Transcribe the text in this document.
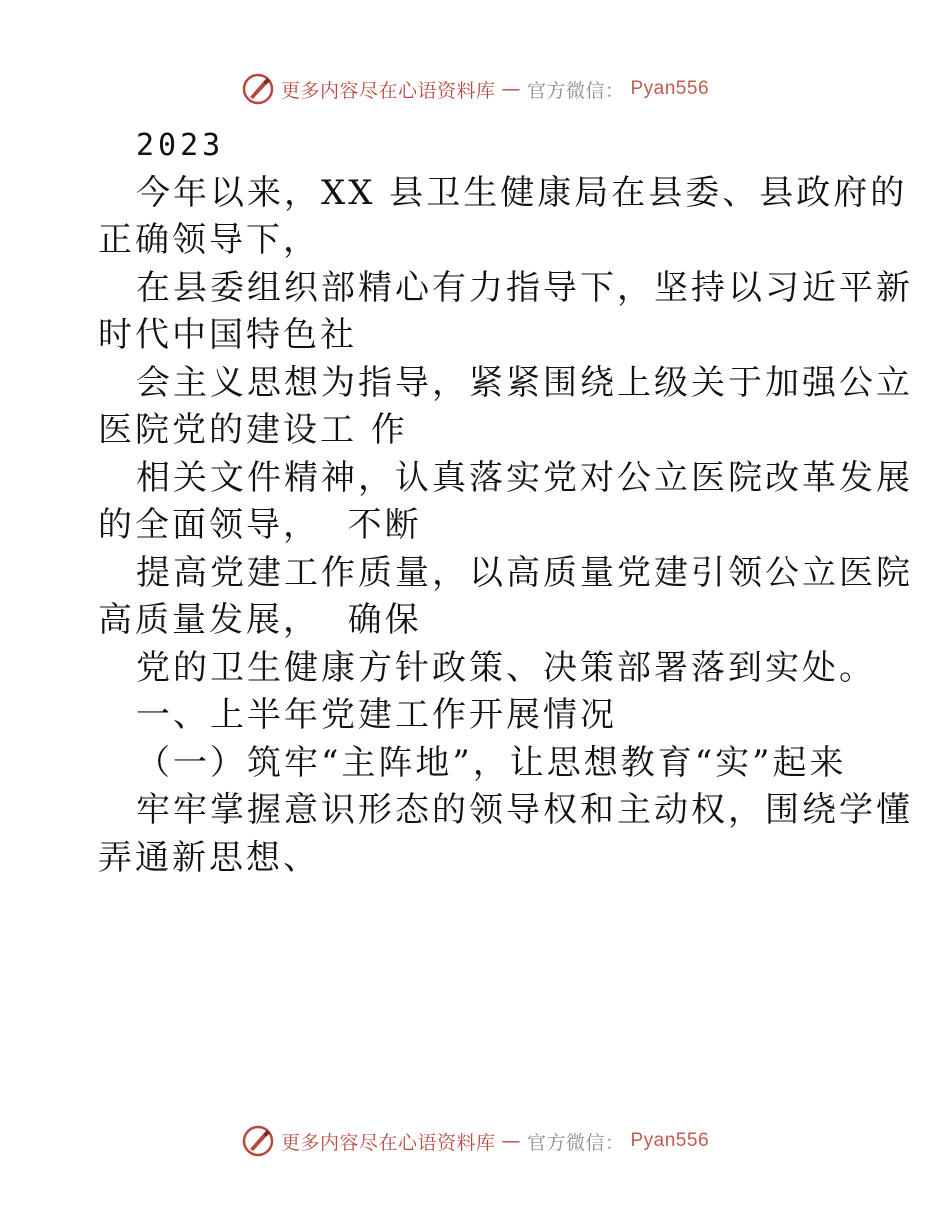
更多内容尽在心语资料库 — 官方微信： Pyan556
2023
今年以来，XX 县卫生健康局在县委、县政府的
正确领导下，
在县委组织部精心有力指导下，坚持以习近平新
时代中国特色社
会主义思想为指导，紧紧围绕上级关于加强公立
医院党的建设工 作
相关文件精神，认真落实党对公立医院改革发展
的全面领导，  不断
提高党建工作质量，以高质量党建引领公立医院
高质量发展，  确保
党的卫生健康方针政策、决策部署落到实处。
一、上半年党建工作开展情况
（一）筑牢“主阵地”，让思想教育“实”起来
牢牢掌握意识形态的领导权和主动权，围绕学懂
弄通新思想、
更多内容尽在心语资料库 — 官方微信： Pyan556
